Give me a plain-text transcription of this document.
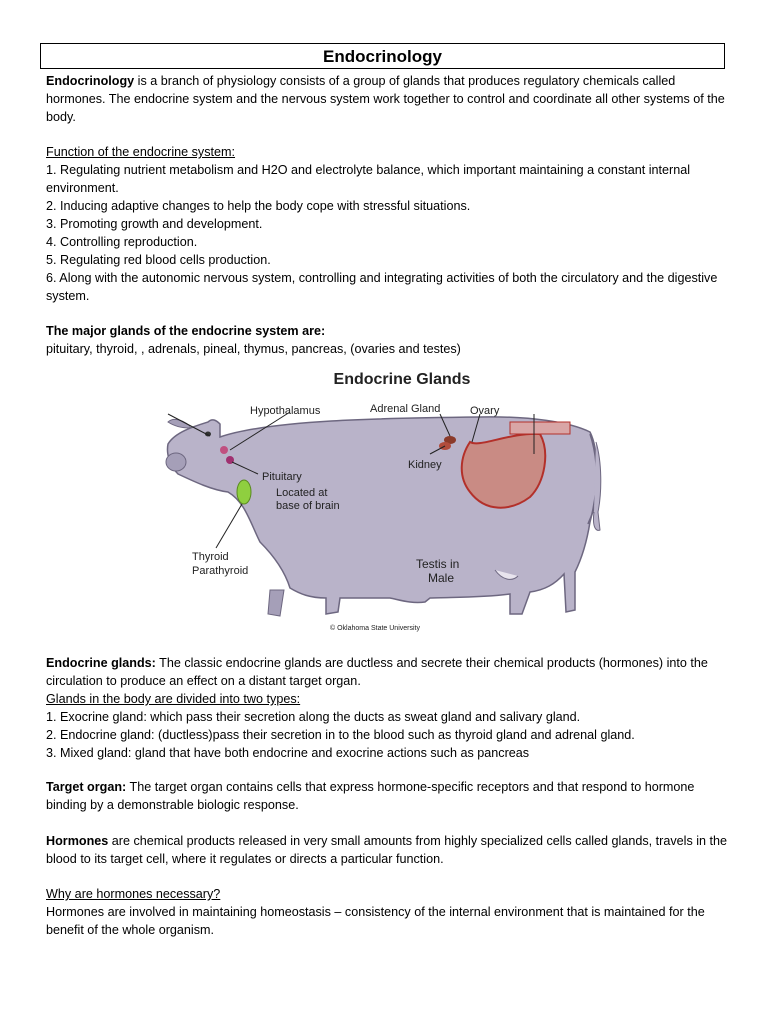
Endocrinology
Endocrinology is a branch of physiology consists of a group of glands that produces regulatory chemicals called hormones. The endocrine system and the nervous system work together to control and coordinate all other systems of the body.
Function of the endocrine system:
1. Regulating nutrient metabolism and H2O and electrolyte balance, which important maintaining a constant internal environment.
2. Inducing adaptive changes to help the body cope with stressful situations.
3. Promoting growth and development.
4. Controlling reproduction.
5. Regulating red blood cells production.
6. Along with the autonomic nervous system, controlling and integrating activities of both the circulatory and the digestive system.
The major glands of the endocrine system are:
pituitary, thyroid, , adrenals, pineal, thymus, pancreas, (ovaries and testes)
Endocrine Glands
Hypothalamus	Adrenal Gland	Ovary
Kidney
Pituitary
Located at
base of brain
Thyroid
Parathyroid	Testis in
Male
© Oklahoma State University
Endocrine glands: The classic endocrine glands are ductless and secrete their chemical products (hormones) into the circulation to produce an effect on a distant target organ.
Glands in the body are divided into two types:
1. Exocrine gland: which pass their secretion along the ducts as sweat gland and salivary gland.
2. Endocrine gland: (ductless)pass their secretion in to the blood such as thyroid gland and adrenal gland.
3. Mixed gland: gland that have both endocrine and exocrine actions such as pancreas
Target organ: The target organ contains cells that express hormone-specific receptors and that respond to hormone binding by a demonstrable biologic response.
Hormones are chemical products released in very small amounts from highly specialized cells called glands, travels in the blood to its target cell, where it regulates or directs a particular function.
Why are hormones necessary?
Hormones are involved in maintaining homeostasis – consistency of the internal environment that is maintained for the benefit of the whole organism.
